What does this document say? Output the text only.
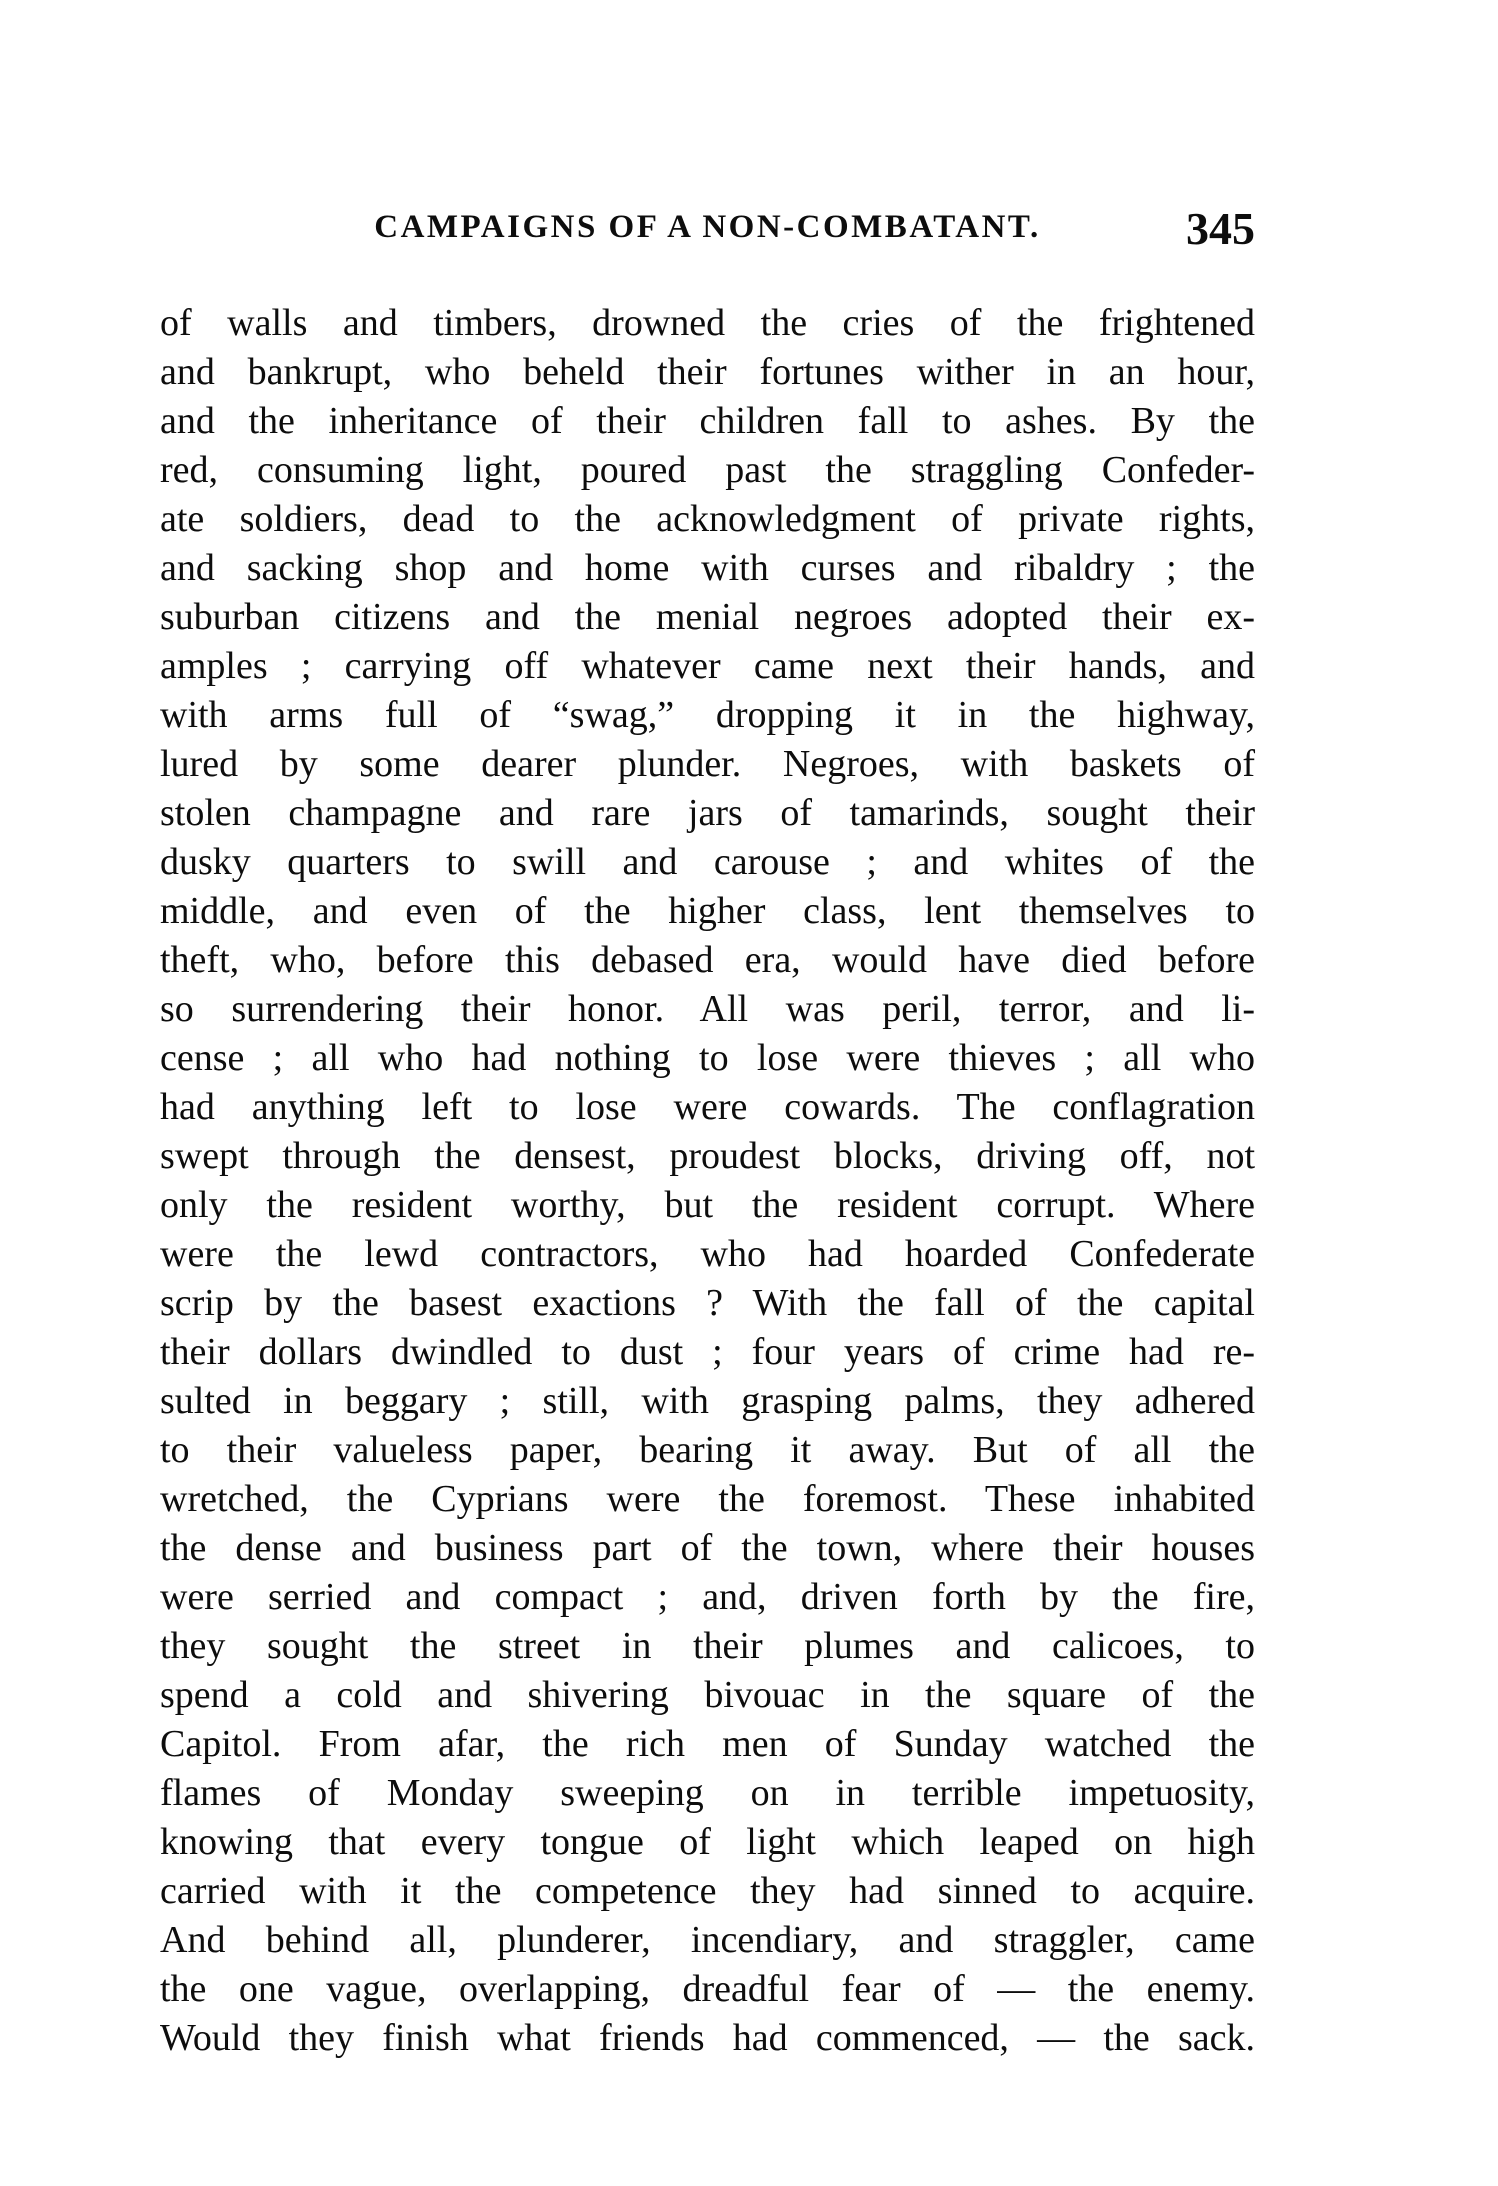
CAMPAIGNS OF A NON-COMBATANT.	345
of walls and timbers, drowned the cries of the frightened
and bankrupt, who beheld their fortunes wither in an hour,
and the inheritance of their children fall to ashes. By the
red, consuming light, poured past the straggling Confeder-
ate soldiers, dead to the acknowledgment of private rights,
and sacking shop and home with curses and ribaldry ; the
suburban citizens and the menial negroes adopted their ex-
amples ; carrying off whatever came next their hands, and
with arms full of “swag,” dropping it in the highway,
lured by some dearer plunder. Negroes, with baskets of
stolen champagne and rare jars of tamarinds, sought their
dusky quarters to swill and carouse ; and whites of the
middle, and even of the higher class, lent themselves to
theft, who, before this debased era, would have died before
so surrendering their honor. All was peril, terror, and li-
cense ; all who had nothing to lose were thieves ; all who
had anything left to lose were cowards. The conflagration
swept through the densest, proudest blocks, driving off, not
only the resident worthy, but the resident corrupt. Where
were the lewd contractors, who had hoarded Confederate
scrip by the basest exactions ? With the fall of the capital
their dollars dwindled to dust ; four years of crime had re-
sulted in beggary ; still, with grasping palms, they adhered
to their valueless paper, bearing it away. But of all the
wretched, the Cyprians were the foremost. These inhabited
the dense and business part of the town, where their houses
were serried and compact ; and, driven forth by the fire,
they sought the street in their plumes and calicoes, to
spend a cold and shivering bivouac in the square of the
Capitol. From afar, the rich men of Sunday watched the
flames of Monday sweeping on in terrible impetuosity,
knowing that every tongue of light which leaped on high
carried with it the competence they had sinned to acquire.
And behind all, plunderer, incendiary, and straggler, came
the one vague, overlapping, dreadful fear of — the enemy.
Would they finish what friends had commenced, — the sack.
